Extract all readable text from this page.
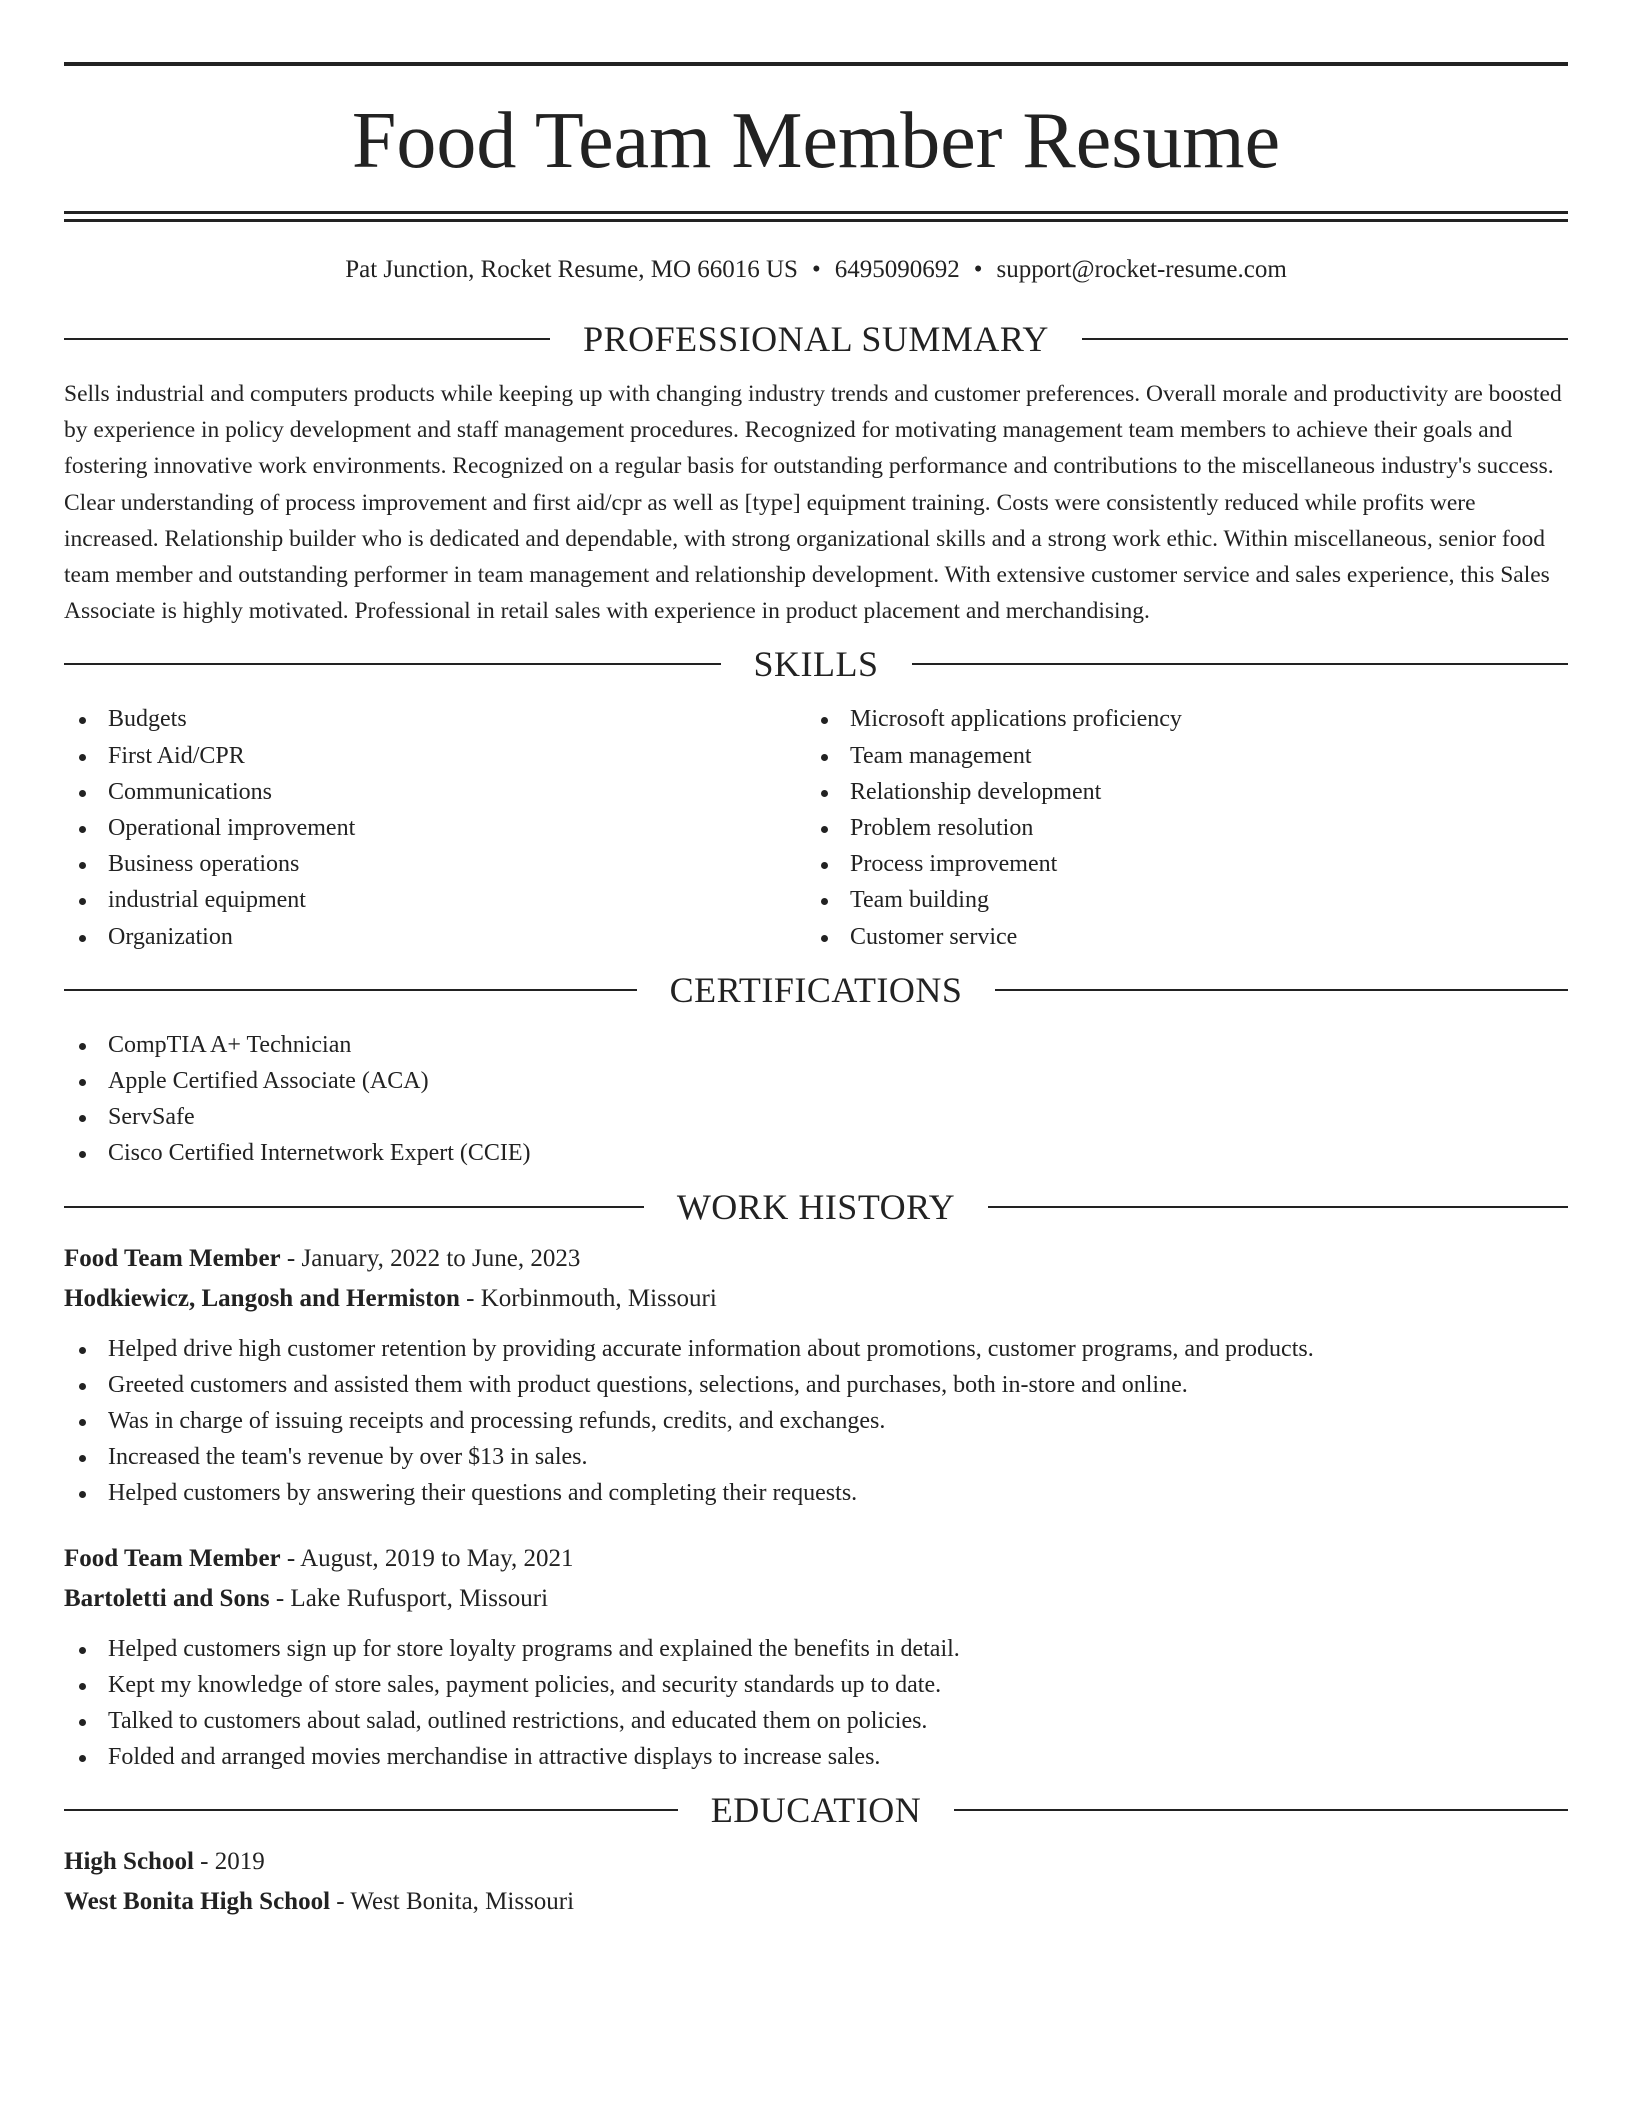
Food Team Member Resume
Pat Junction, Rocket Resume, MO 66016 US • 6495090692 • support@rocket-resume.com
PROFESSIONAL SUMMARY

Sells industrial and computers products while keeping up with changing industry trends and customer preferences. Overall morale and productivity are boosted by experience in policy development and staff management procedures. Recognized for motivating management team members to achieve their goals and fostering innovative work environments. Recognized on a regular basis for outstanding performance and contributions to the miscellaneous industry's success. Clear understanding of process improvement and first aid/cpr as well as [type] equipment training. Costs were consistently reduced while profits were increased. Relationship builder who is dedicated and dependable, with strong organizational skills and a strong work ethic. Within miscellaneous, senior food team member and outstanding performer in team management and relationship development. With extensive customer service and sales experience, this Sales Associate is highly motivated. Professional in retail sales with experience in product placement and merchandising.

SKILLS
Budgets
First Aid/CPR
Communications
Operational improvement
Business operations
industrial equipment
Organization
Microsoft applications proficiency
Team management
Relationship development
Problem resolution
Process improvement
Team building
Customer service
CERTIFICATIONS
CompTIA A+ Technician
Apple Certified Associate (ACA)
ServSafe
Cisco Certified Internetwork Expert (CCIE)
WORK HISTORY
Food Team Member - January, 2022 to June, 2023
Hodkiewicz, Langosh and Hermiston - Korbinmouth, Missouri
Helped drive high customer retention by providing accurate information about promotions, customer programs, and products.
Greeted customers and assisted them with product questions, selections, and purchases, both in-store and online.
Was in charge of issuing receipts and processing refunds, credits, and exchanges.
Increased the team's revenue by over $13 in sales.
Helped customers by answering their questions and completing their requests.
Food Team Member - August, 2019 to May, 2021
Bartoletti and Sons - Lake Rufusport, Missouri
Helped customers sign up for store loyalty programs and explained the benefits in detail.
Kept my knowledge of store sales, payment policies, and security standards up to date.
Talked to customers about salad, outlined restrictions, and educated them on policies.
Folded and arranged movies merchandise in attractive displays to increase sales.
EDUCATION
High School - 2019
West Bonita High School - West Bonita, Missouri
